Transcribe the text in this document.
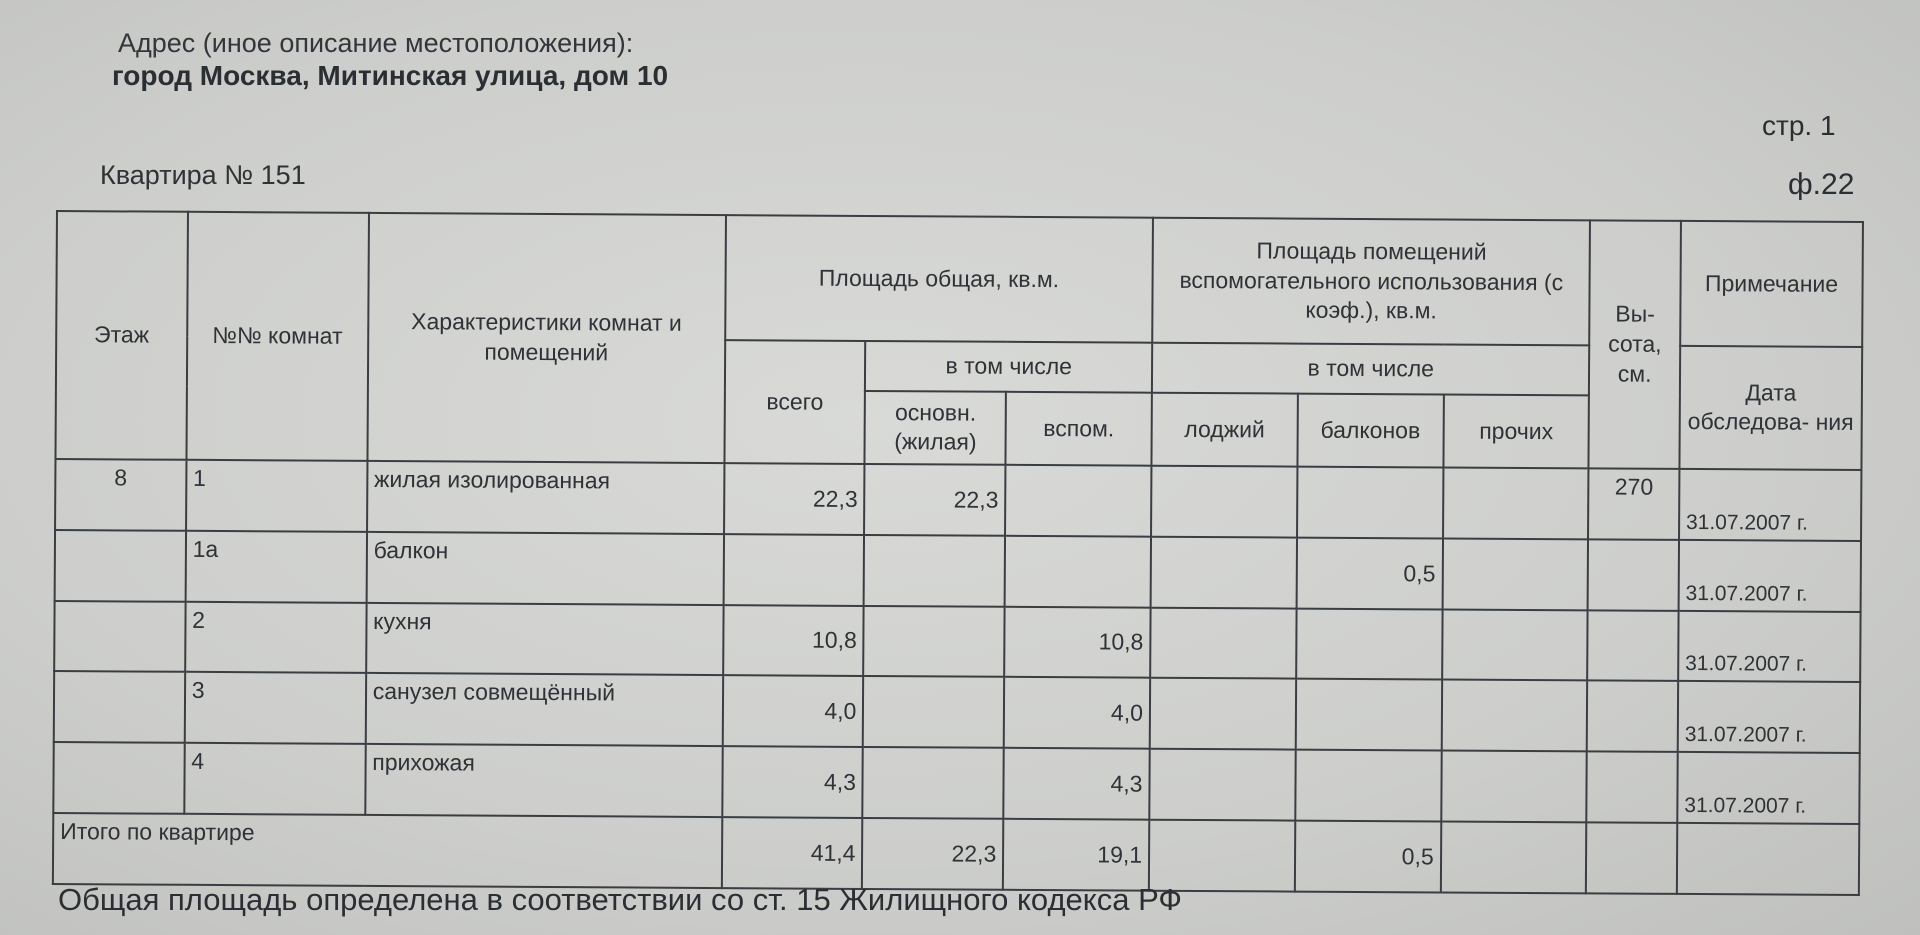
Адрес (иное описание местоположения):
город Москва, Митинская улица, дом 10
стр. 1
Квартира № 151	ф.22
Этаж	№№ комнат	Характеристики комнат и помещений	Площадь общая, кв.м.			Площадь помещений вспомогательного использования (с коэф.), кв.м.			Вы- сота, см.	Примечание
			всего	в том числе		в том числе				Дата обследова- ния
				основн. (жилая)	вспом.	лоджий	балконов	прочих		
8	1	жилая изолированная	22,3	22,3					270	31.07.2007 г.
	1а	балкон					0,5			31.07.2007 г.
	2	кухня	10,8		10,8					31.07.2007 г.
	3	санузел совмещённый	4,0		4,0					31.07.2007 г.
	4	прихожая	4,3		4,3					31.07.2007 г.
Итого по квартире			41,4	22,3	19,1		0,5			
Общая площадь определена в соответствии со ст. 15 Жилищного кодекса РФ
